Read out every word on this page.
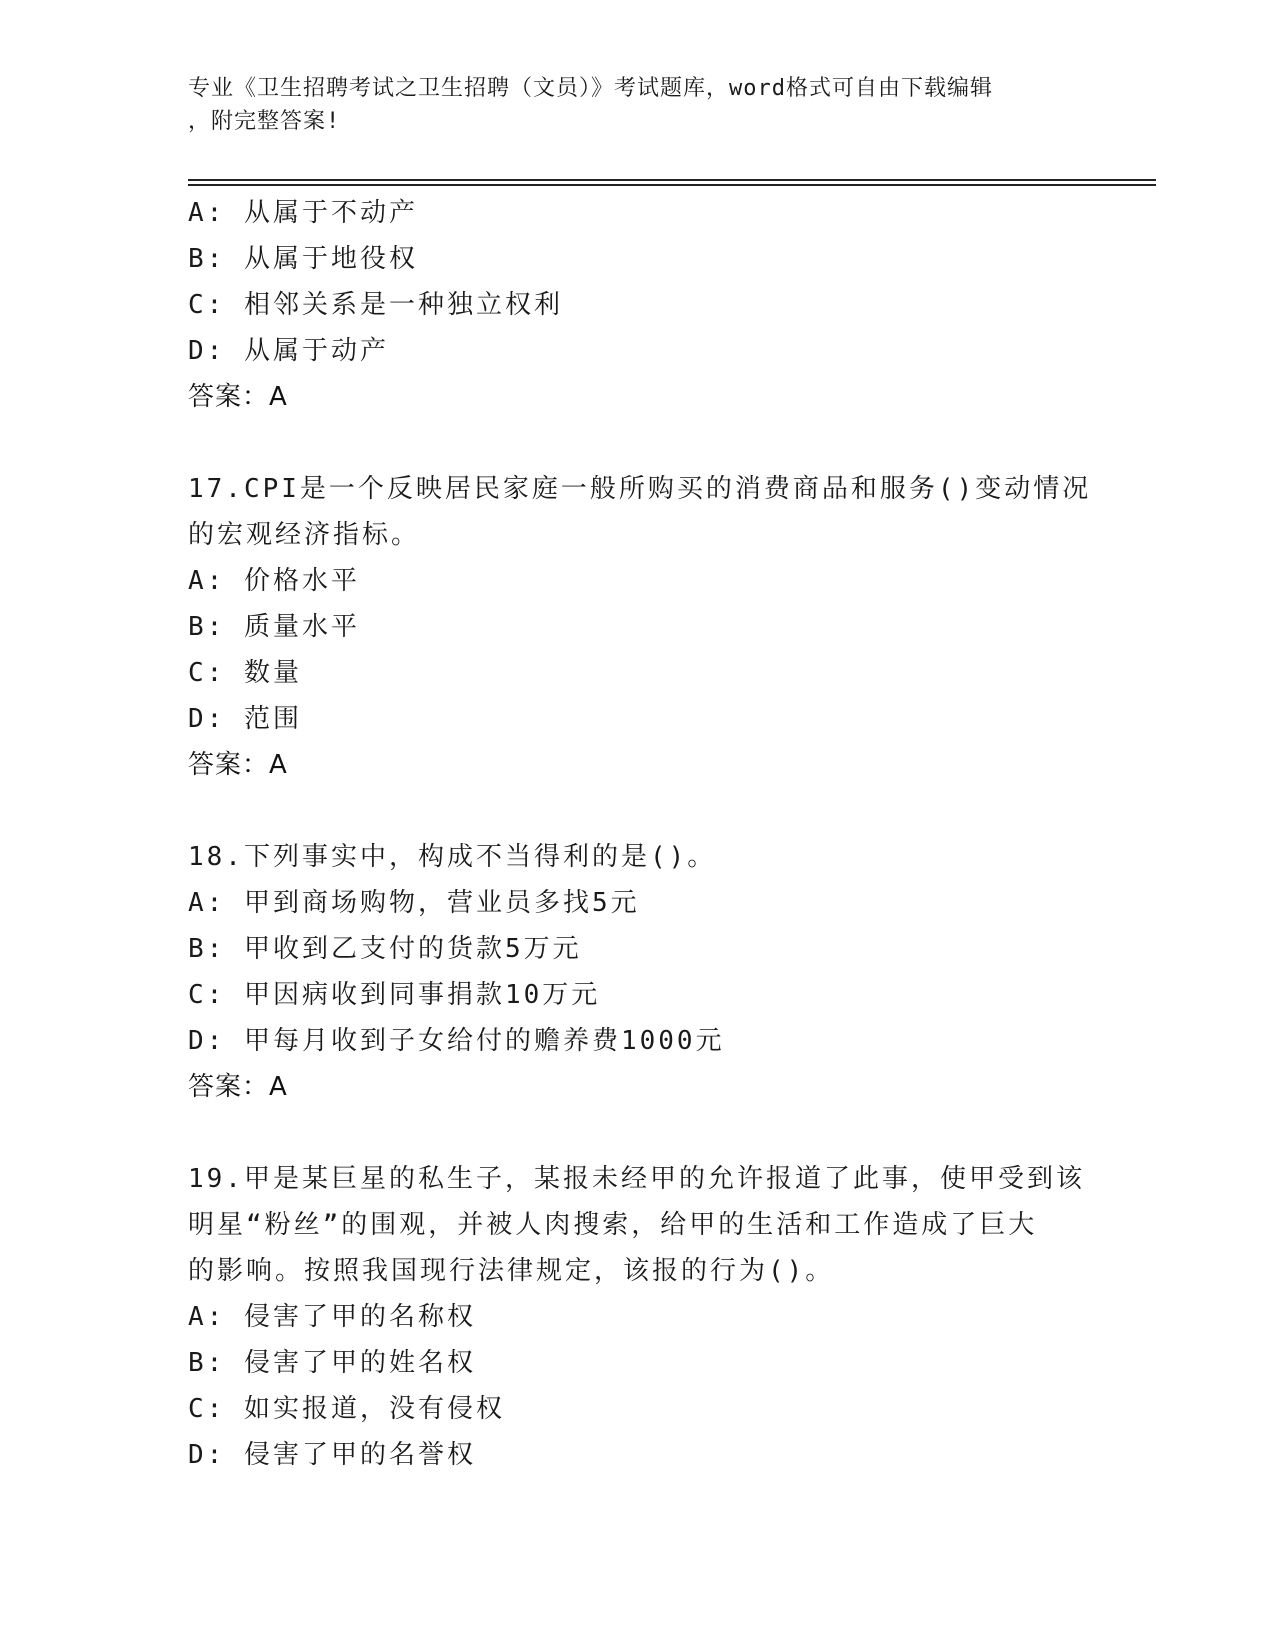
专业《卫生招聘考试之卫生招聘（文员）》考试题库，word格式可自由下载编辑
，附完整答案!
A: 从属于不动产
B: 从属于地役权
C: 相邻关系是一种独立权利
D: 从属于动产
答案：A
17.CPI是一个反映居民家庭一般所购买的消费商品和服务()变动情况
的宏观经济指标。
A: 价格水平
B: 质量水平
C: 数量
D: 范围
答案：A
18.下列事实中，构成不当得利的是()。
A: 甲到商场购物，营业员多找5元
B: 甲收到乙支付的货款5万元
C: 甲因病收到同事捐款10万元
D: 甲每月收到子女给付的赡养费1000元
答案：A
19.甲是某巨星的私生子，某报未经甲的允许报道了此事，使甲受到该
明星“粉丝”的围观，并被人肉搜索，给甲的生活和工作造成了巨大
的影响。按照我国现行法律规定，该报的行为()。
A: 侵害了甲的名称权
B: 侵害了甲的姓名权
C: 如实报道，没有侵权
D: 侵害了甲的名誉权
